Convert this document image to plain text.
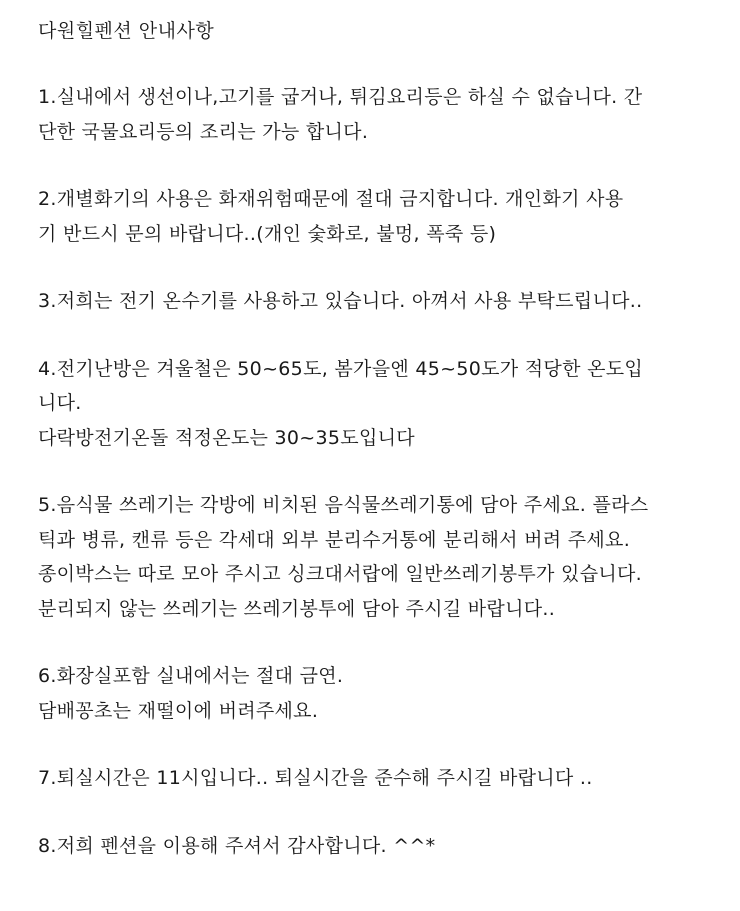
다원힐펜션 안내사항
1.실내에서 생선이나,고기를 굽거나, 튀김요리등은 하실 수 없습니다. 간
단한 국물요리등의 조리는 가능 합니다.
2.개별화기의 사용은 화재위험때문에 절대 금지합니다. 개인화기 사용
기 반드시 문의 바랍니다..(개인 숯화로, 불멍, 폭죽 등)
3.저희는 전기 온수기를 사용하고 있습니다. 아껴서 사용 부탁드립니다..
4.전기난방은 겨울철은 50~65도, 봄가을엔 45~50도가 적당한 온도입
니다.
다락방전기온돌 적정온도는 30~35도입니다
5.음식물 쓰레기는 각방에 비치된 음식물쓰레기통에 담아 주세요. 플라스
틱과 병류, 캔류 등은 각세대 외부 분리수거통에 분리해서 버려 주세요.
종이박스는 따로 모아 주시고 싱크대서랍에 일반쓰레기봉투가 있습니다.
분리되지 않는 쓰레기는 쓰레기봉투에 담아 주시길 바랍니다..
6.화장실포함 실내에서는 절대 금연.
담배꽁초는 재떨이에 버려주세요.
7.퇴실시간은 11시입니다.. 퇴실시간을 준수해 주시길 바랍니다 ..
8.저희 펜션을 이용해 주셔서 감사합니다. ^^*
